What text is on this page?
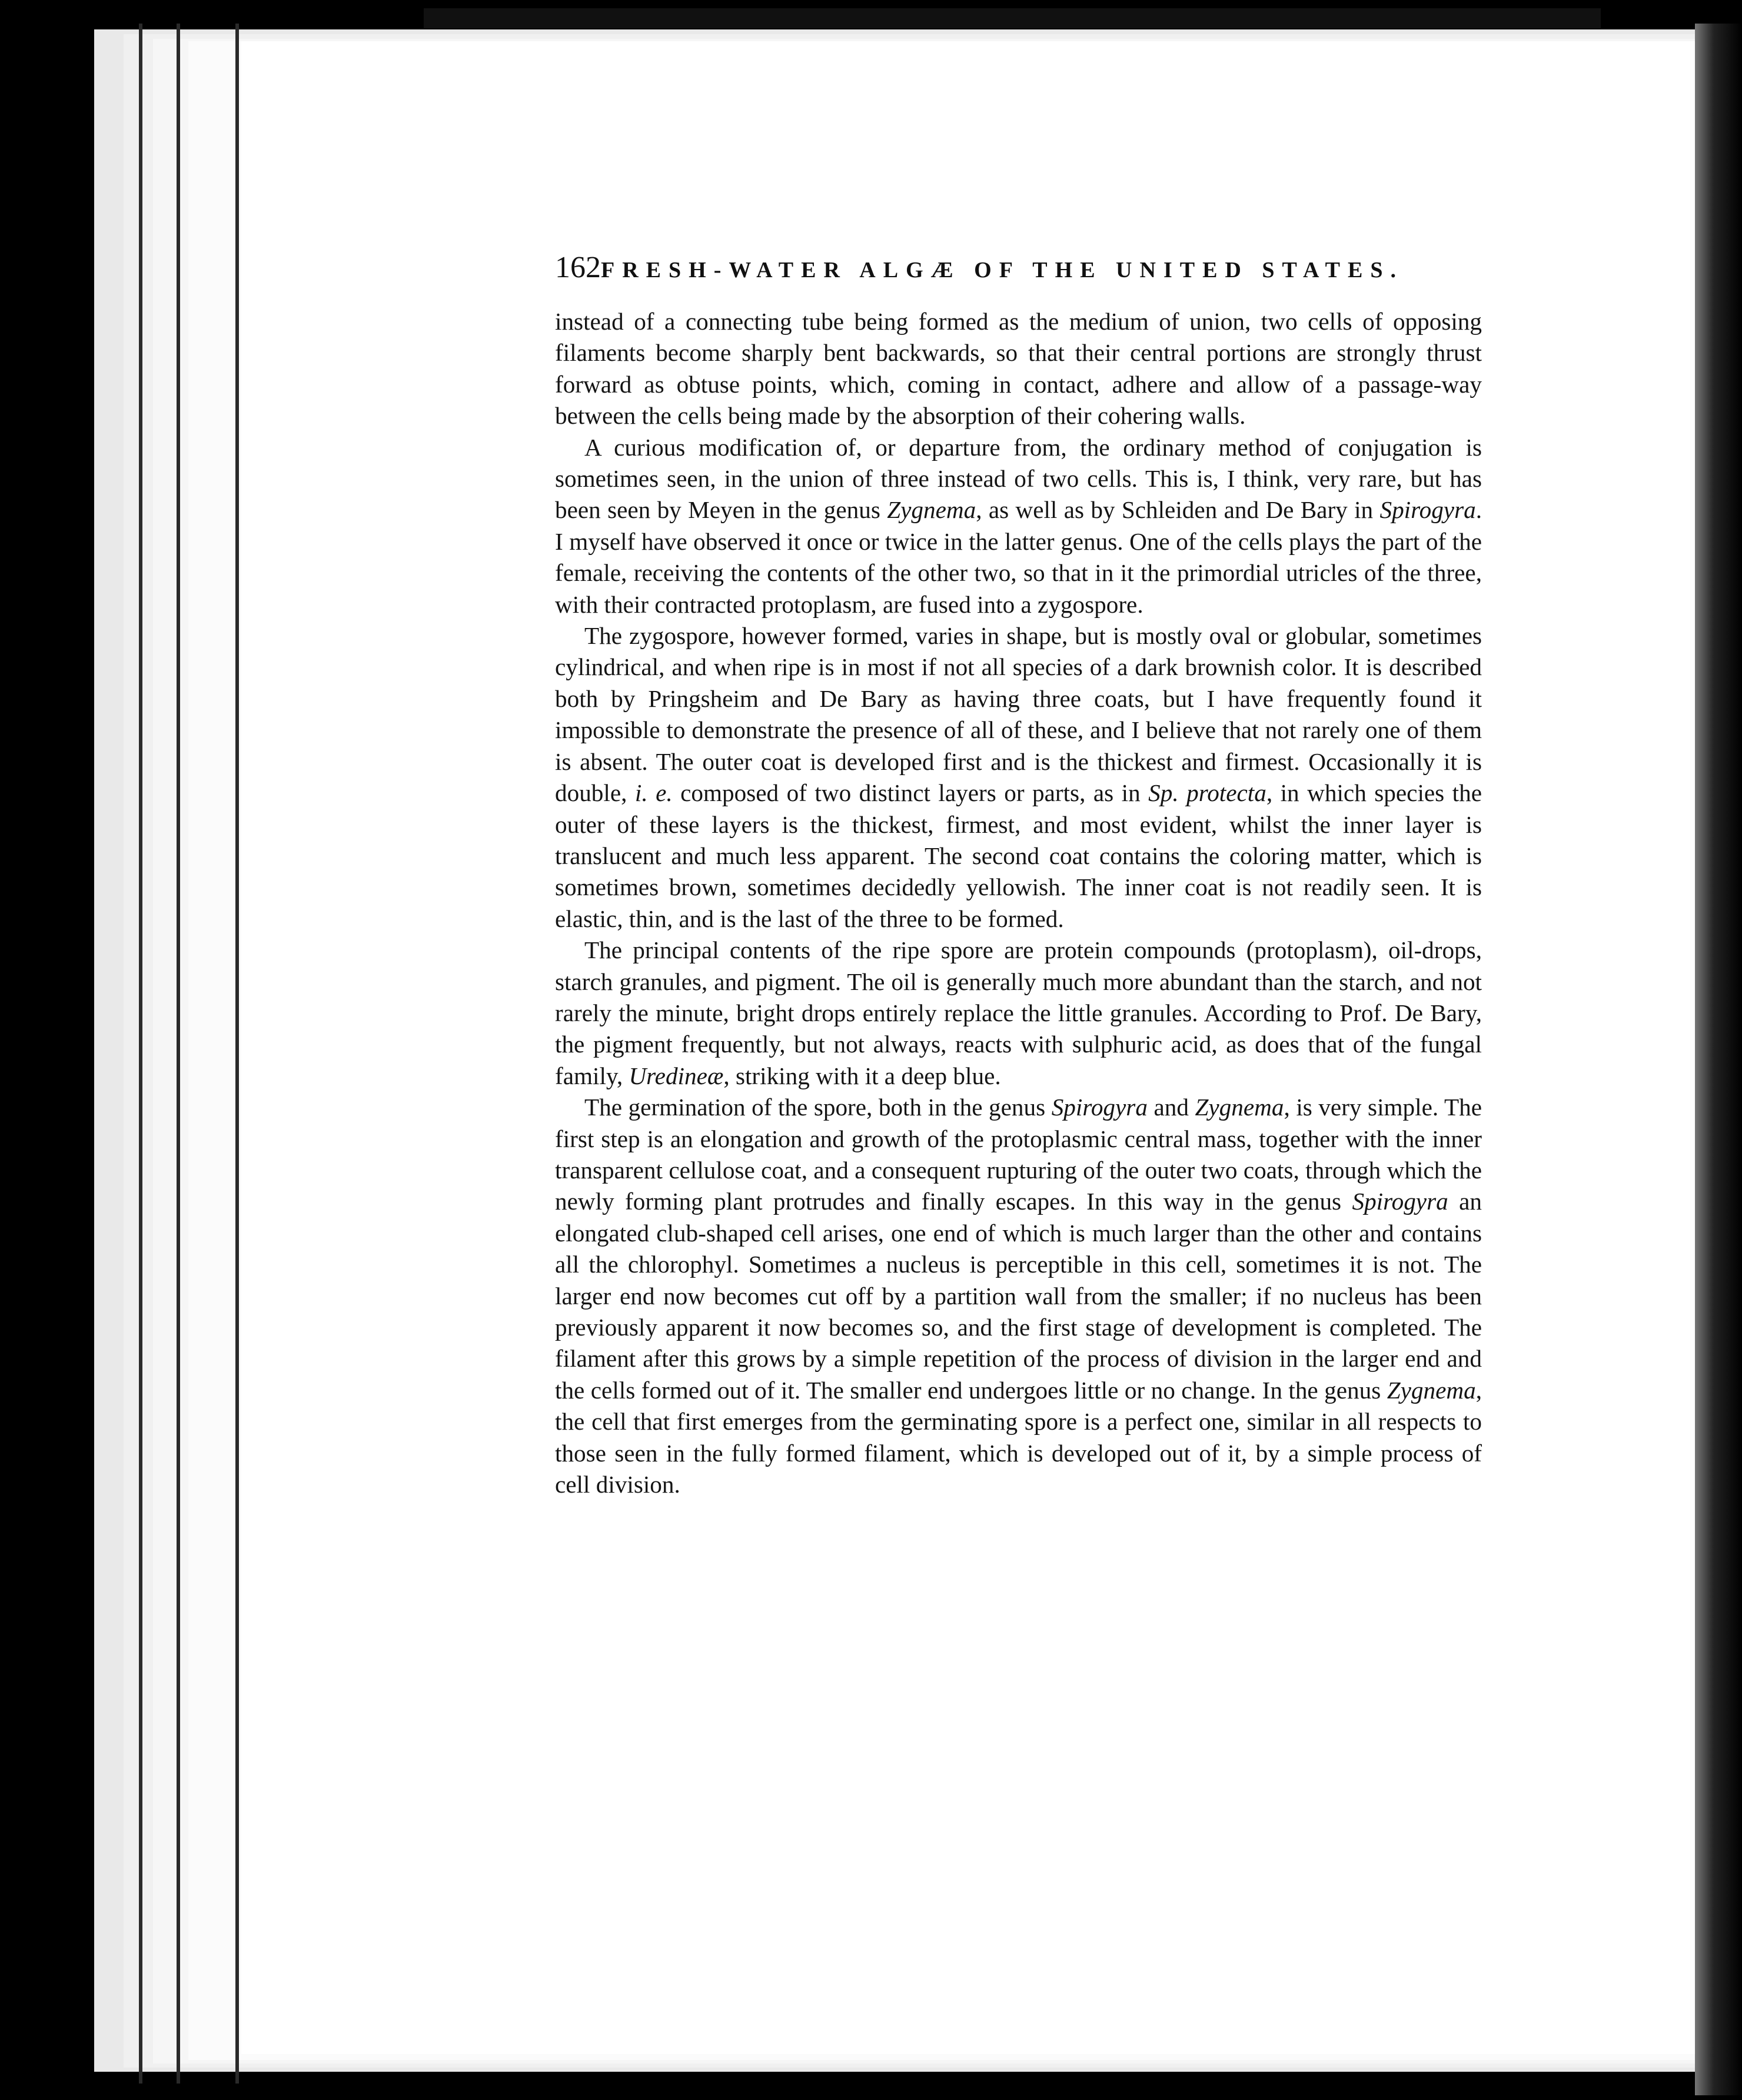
162 FRESH-WATER ALGÆ OF THE UNITED STATES.

instead of a connecting tube being formed as the medium of union, two cells of opposing filaments become sharply bent backwards, so that their central portions are strongly thrust forward as obtuse points, which, coming in contact, adhere and allow of a passage-way between the cells being made by the absorption of their cohering walls.

A curious modification of, or departure from, the ordinary method of conjugation is sometimes seen, in the union of three instead of two cells. This is, I think, very rare, but has been seen by Meyen in the genus Zygnema, as well as by Schleiden and De Bary in Spirogyra. I myself have observed it once or twice in the latter genus. One of the cells plays the part of the female, receiving the contents of the other two, so that in it the primordial utricles of the three, with their contracted protoplasm, are fused into a zygospore.

The zygospore, however formed, varies in shape, but is mostly oval or globular, sometimes cylindrical, and when ripe is in most if not all species of a dark brownish color. It is described both by Pringsheim and De Bary as having three coats, but I have frequently found it impossible to demonstrate the presence of all of these, and I believe that not rarely one of them is absent. The outer coat is developed first and is the thickest and firmest. Occasionally it is double, i. e. composed of two distinct layers or parts, as in Sp. protecta, in which species the outer of these layers is the thickest, firmest, and most evident, whilst the inner layer is translucent and much less apparent. The second coat contains the coloring matter, which is sometimes brown, sometimes decidedly yellowish. The inner coat is not readily seen. It is elastic, thin, and is the last of the three to be formed.

The principal contents of the ripe spore are protein compounds (protoplasm), oil-drops, starch granules, and pigment. The oil is generally much more abundant than the starch, and not rarely the minute, bright drops entirely replace the little granules. According to Prof. De Bary, the pigment frequently, but not always, reacts with sulphuric acid, as does that of the fungal family, Uredineæ, striking with it a deep blue.

The germination of the spore, both in the genus Spirogyra and Zygnema, is very simple. The first step is an elongation and growth of the protoplasmic central mass, together with the inner transparent cellulose coat, and a consequent rupturing of the outer two coats, through which the newly forming plant protrudes and finally escapes. In this way in the genus Spirogyra an elongated club-shaped cell arises, one end of which is much larger than the other and contains all the chlorophyl. Sometimes a nucleus is perceptible in this cell, sometimes it is not. The larger end now becomes cut off by a partition wall from the smaller; if no nucleus has been previously apparent it now becomes so, and the first stage of development is completed. The filament after this grows by a simple repetition of the process of division in the larger end and the cells formed out of it. The smaller end undergoes little or no change. In the genus Zygnema, the cell that first emerges from the germinating spore is a perfect one, similar in all respects to those seen in the fully formed filament, which is developed out of it, by a simple process of cell division.
